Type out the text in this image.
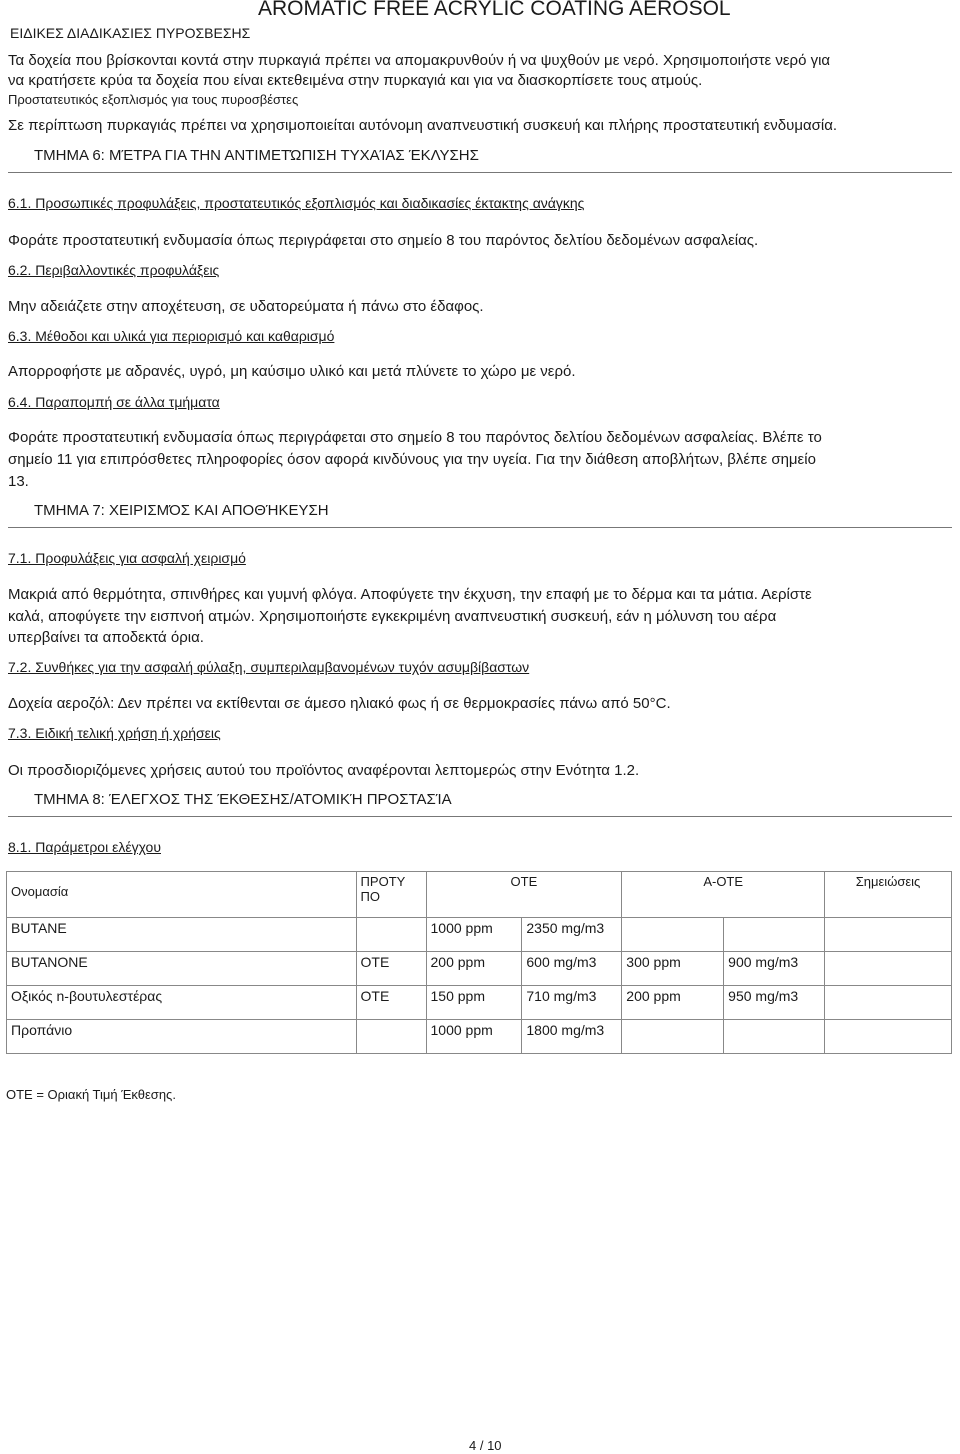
ΕΙΔΙΚΕΣ ΔΙΑΔΙΚΑΣΙΕΣ ΠΥΡΟΣΒΕΣΗΣ
AROMATIC FREE ACRYLIC COATING AEROSOL
Τα δοχεία που βρίσκονται κοντά στην πυρκαγιά πρέπει να απομακρυνθούν ή να ψυχθούν με νερό. Χρησιμοποιήστε νερό για
να κρατήσετε κρύα τα δοχεία που είναι εκτεθειμένα στην πυρκαγιά και για να διασκορπίσετε τους ατμούς.
Προστατευτικός εξοπλισμός για τους πυροσβέστες
Σε περίπτωση πυρκαγιάς πρέπει να χρησιμοποιείται αυτόνομη αναπνευστική συσκευή και πλήρης προστατευτική ενδυμασία.
ΤΜΗΜΑ 6: ΜΈΤΡΑ ΓΙΑ ΤΗΝ ΑΝΤΙΜΕΤΏΠΙΣΗ ΤΥΧΑΊΑΣ ΈΚΛΥΣΗΣ
6.1. Προσωπικές προφυλάξεις, προστατευτικός εξοπλισμός και διαδικασίες έκτακτης ανάγκης
Φοράτε προστατευτική ενδυμασία όπως περιγράφεται στο σημείο 8 του παρόντος δελτίου δεδομένων ασφαλείας.
6.2. Περιβαλλοντικές προφυλάξεις
Μην αδειάζετε στην αποχέτευση, σε υδατορεύματα ή πάνω στο έδαφος.
6.3. Μέθοδοι και υλικά για περιορισμό και καθαρισμό
Απορροφήστε με αδρανές, υγρό, μη καύσιμο υλικό και μετά πλύνετε το χώρο με νερό.
6.4. Παραπομπή σε άλλα τμήματα
Φοράτε προστατευτική ενδυμασία όπως περιγράφεται στο σημείο 8 του παρόντος δελτίου δεδομένων ασφαλείας. Βλέπε το
σημείο 11 για επιπρόσθετες πληροφορίες όσον αφορά κινδύνους για την υγεία. Για την διάθεση αποβλήτων, βλέπε σημείο
13.
ΤΜΗΜΑ 7: ΧΕΙΡΙΣΜΌΣ ΚΑΙ ΑΠΟΘΉΚΕΥΣΗ
7.1. Προφυλάξεις για ασφαλή χειρισμό
Μακριά από θερμότητα, σπινθήρες και γυμνή φλόγα. Αποφύγετε την έκχυση, την επαφή με το δέρμα και τα μάτια. Αερίστε
καλά, αποφύγετε την εισπνοή ατμών. Χρησιμοποιήστε εγκεκριμένη αναπνευστική συσκευή, εάν η μόλυνση του αέρα
υπερβαίνει τα αποδεκτά όρια.
7.2. Συνθήκες για την ασφαλή φύλαξη, συμπεριλαμβανομένων τυχόν ασυμβίβαστων
Δοχεία αεροζόλ: Δεν πρέπει να εκτίθενται σε άμεσο ηλιακό φως ή σε θερμοκρασίες πάνω από 50°C.
7.3. Ειδική τελική χρήση ή χρήσεις
Οι προσδιοριζόμενες χρήσεις αυτού του προϊόντος αναφέρονται λεπτομερώς στην Ενότητα 1.2.
ΤΜΗΜΑ 8: ΈΛΕΓΧΟΣ ΤΗΣ ΈΚΘΕΣΗΣ/ΑΤΟΜΙΚΉ ΠΡΟΣΤΑΣΊΑ
8.1. Παράμετροι ελέγχου
Ονομασία	ΠΡΟΤΥ
ΠΟ	ΟΤΕ		Α-ΟΤΕ		Σημειώσεις
BUTANE		1000 ppm	2350 mg/m3			
BUTANONE	ΟΤΕ	200 ppm	600 mg/m3	300 ppm	900 mg/m3	
Οξικός n-βουτυλεστέρας	ΟΤΕ	150 ppm	710 mg/m3	200 ppm	950 mg/m3	
Προπάνιο		1000 ppm	1800 mg/m3			
ΟΤΕ = Οριακή Τιμή Έκθεσης.
4 / 10
